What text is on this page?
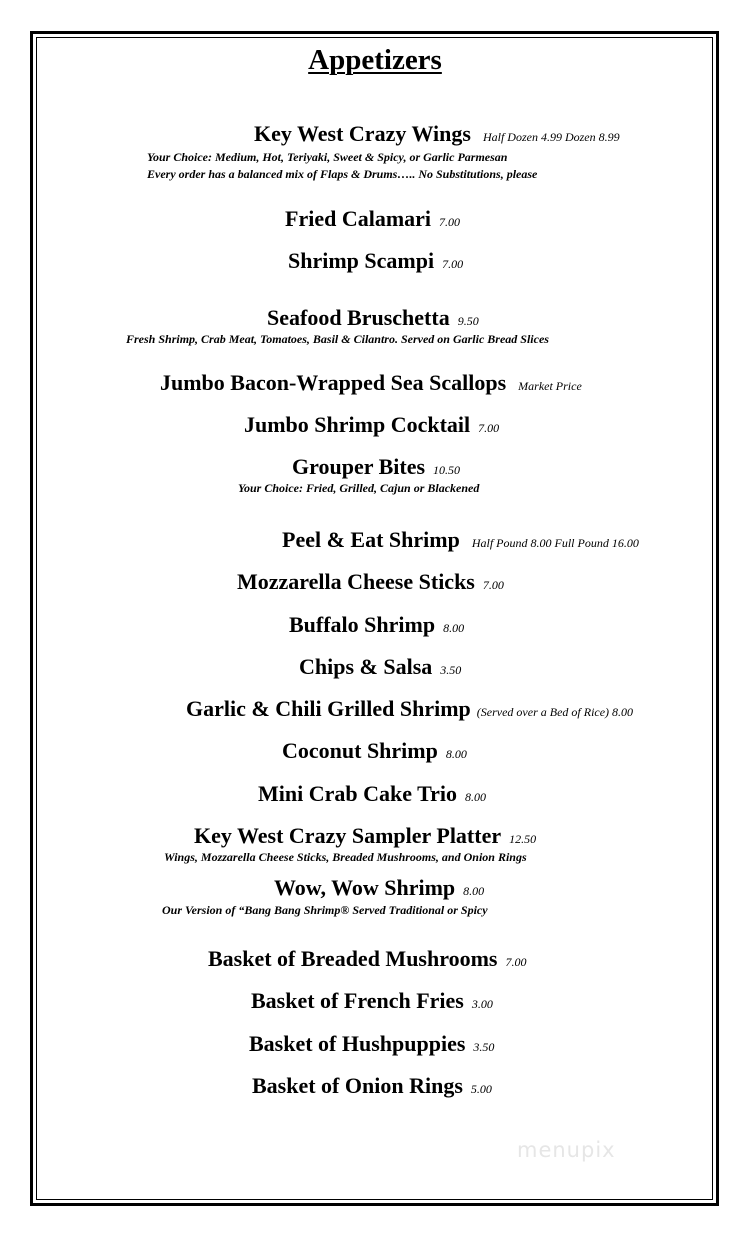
Appetizers
Key West Crazy Wings Half Dozen 4.99 Dozen 8.99
Your Choice: Medium, Hot, Teriyaki, Sweet & Spicy, or Garlic Parmesan
Every order has a balanced mix of Flaps & Drums….. No Substitutions, please
Fried Calamari 7.00
Shrimp Scampi 7.00
Seafood Bruschetta 9.50
Fresh Shrimp, Crab Meat, Tomatoes, Basil & Cilantro. Served on Garlic Bread Slices
Jumbo Bacon-Wrapped Sea Scallops Market Price
Jumbo Shrimp Cocktail 7.00
Grouper Bites 10.50
Your Choice: Fried, Grilled, Cajun or Blackened
Peel & Eat Shrimp Half Pound 8.00 Full Pound 16.00
Mozzarella Cheese Sticks 7.00
Buffalo Shrimp 8.00
Chips & Salsa 3.50
Garlic & Chili Grilled Shrimp (Served over a Bed of Rice) 8.00
Coconut Shrimp 8.00
Mini Crab Cake Trio 8.00
Key West Crazy Sampler Platter 12.50
Wings, Mozzarella Cheese Sticks, Breaded Mushrooms, and Onion Rings
Wow, Wow Shrimp 8.00
Our Version of “Bang Bang Shrimp® Served Traditional or Spicy
Basket of Breaded Mushrooms 7.00
Basket of French Fries 3.00
Basket of Hushpuppies 3.50
Basket of Onion Rings 5.00
menupix
